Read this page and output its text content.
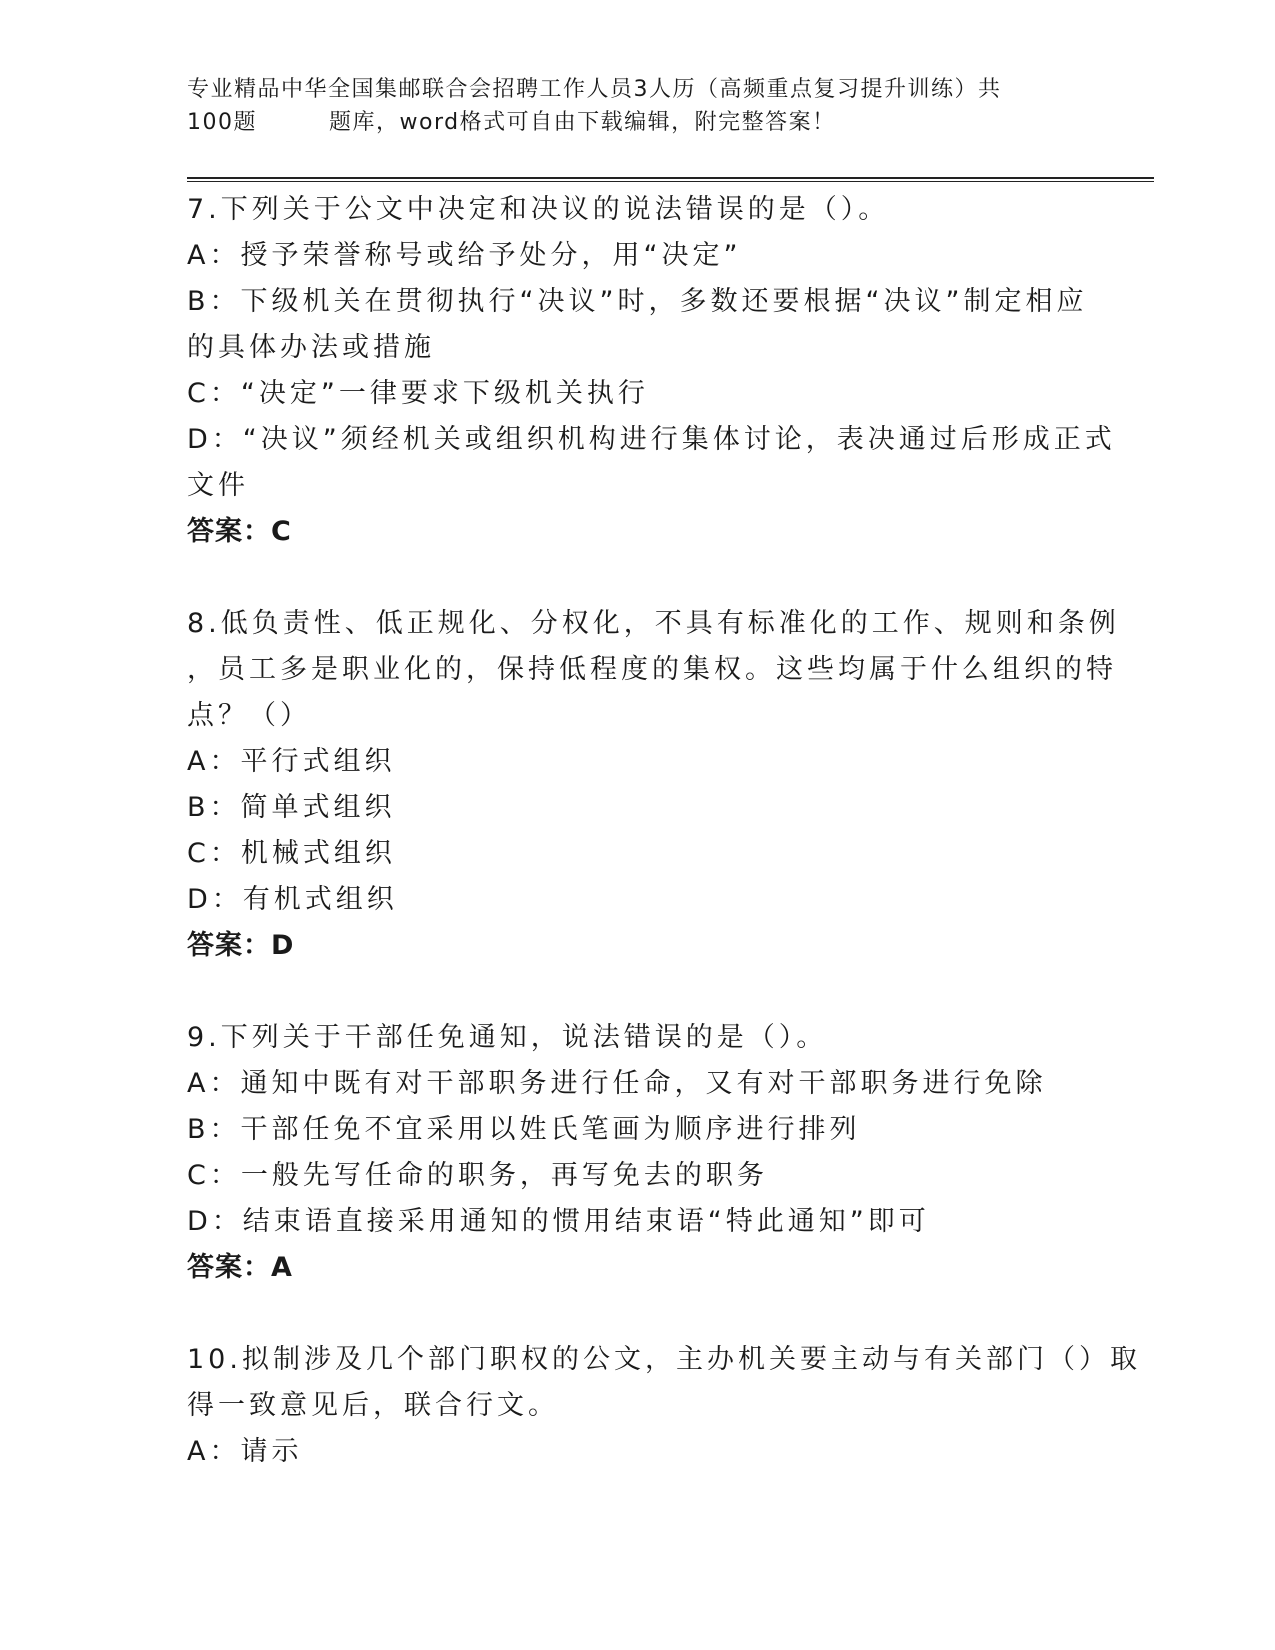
专业精品中华全国集邮联合会招聘工作人员3人历（高频重点复习提升训练）共
100题	题库，word格式可自由下载编辑，附完整答案！
7.下列关于公文中决定和决议的说法错误的是（）。
A：授予荣誉称号或给予处分，用“决定”
B：下级机关在贯彻执行“决议”时，多数还要根据“决议”制定相应
的具体办法或措施
C：“决定”一律要求下级机关执行
D：“决议”须经机关或组织机构进行集体讨论，表决通过后形成正式
文件
答案：C
8.低负责性、低正规化、分权化，不具有标准化的工作、规则和条例
，员工多是职业化的，保持低程度的集权。这些均属于什么组织的特
点？（）
A：平行式组织
B：简单式组织
C：机械式组织
D：有机式组织
答案：D
9.下列关于干部任免通知，说法错误的是（）。
A：通知中既有对干部职务进行任命，又有对干部职务进行免除
B：干部任免不宜采用以姓氏笔画为顺序进行排列
C：一般先写任命的职务，再写免去的职务
D：结束语直接采用通知的惯用结束语“特此通知”即可
答案：A
10.拟制涉及几个部门职权的公文，主办机关要主动与有关部门（）取
得一致意见后，联合行文。
A：请示
